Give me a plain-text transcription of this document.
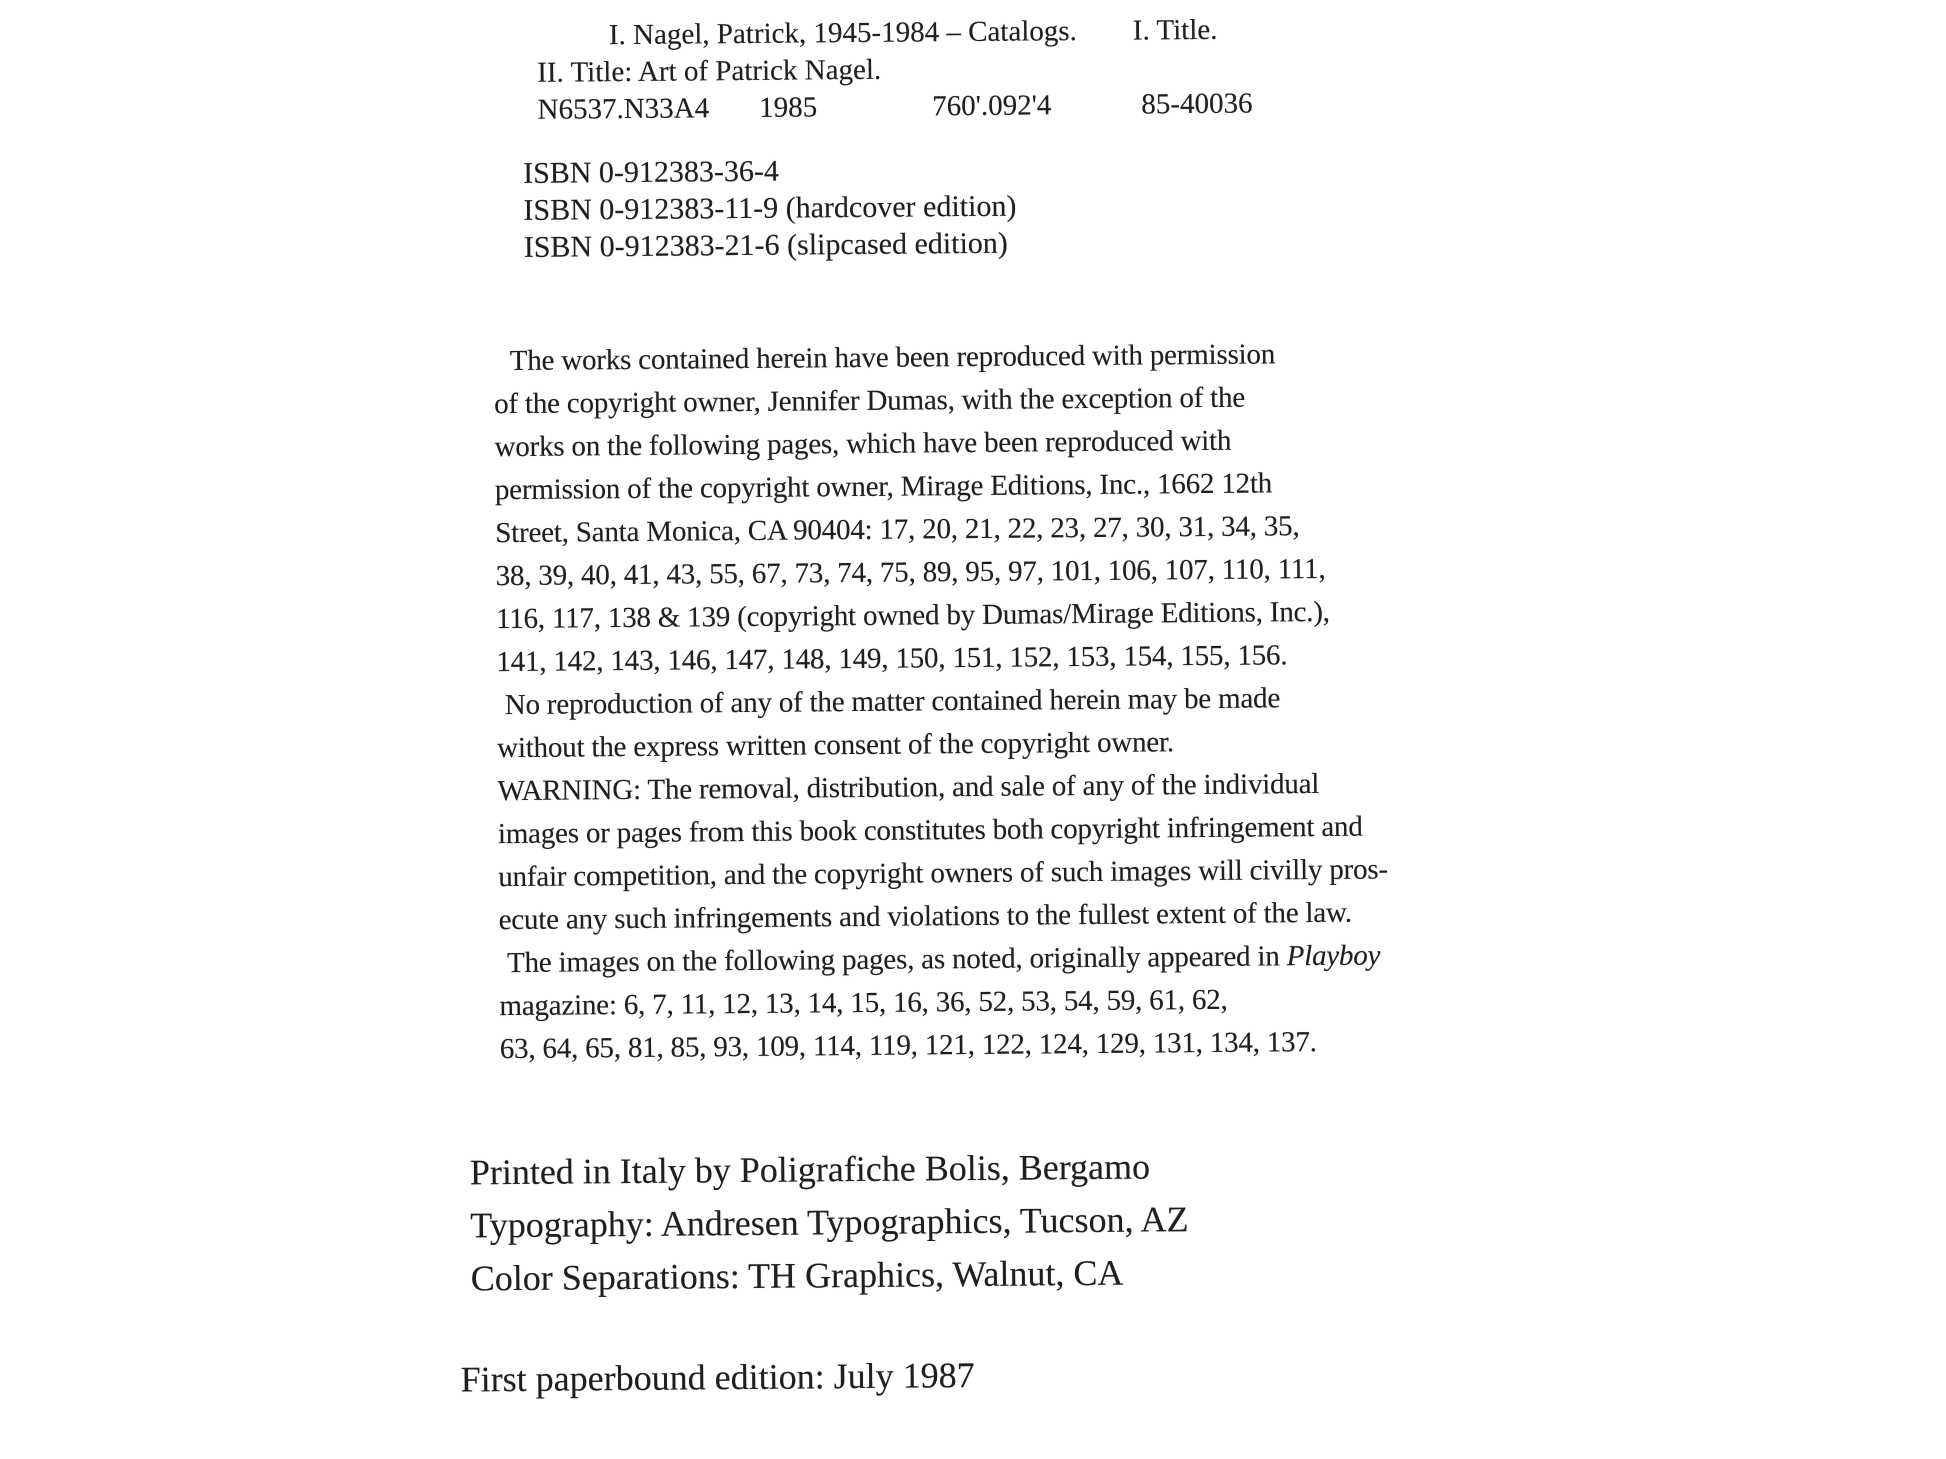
I. Nagel, Patrick, 1945-1984 – Catalogs. I. Title.
II. Title: Art of Patrick Nagel.
N6537.N33A4 1985	760'.092'4	85-40036
ISBN 0-912383-36-4
ISBN 0-912383-11-9 (hardcover edition)
ISBN 0-912383-21-6 (slipcased edition)
The works contained herein have been reproduced with permission
of the copyright owner, Jennifer Dumas, with the exception of the
works on the following pages, which have been reproduced with
permission of the copyright owner, Mirage Editions, Inc., 1662 12th
Street, Santa Monica, CA 90404: 17, 20, 21, 22, 23, 27, 30, 31, 34, 35,
38, 39, 40, 41, 43, 55, 67, 73, 74, 75, 89, 95, 97, 101, 106, 107, 110, 111,
116, 117, 138 & 139 (copyright owned by Dumas/Mirage Editions, Inc.),
141, 142, 143, 146, 147, 148, 149, 150, 151, 152, 153, 154, 155, 156.
No reproduction of any of the matter contained herein may be made
without the express written consent of the copyright owner.
WARNING: The removal, distribution, and sale of any of the individual
images or pages from this book constitutes both copyright infringement and
unfair competition, and the copyright owners of such images will civilly pros-
ecute any such infringements and violations to the fullest extent of the law.
The images on the following pages, as noted, originally appeared in Playboy
magazine: 6, 7, 11, 12, 13, 14, 15, 16, 36, 52, 53, 54, 59, 61, 62,
63, 64, 65, 81, 85, 93, 109, 114, 119, 121, 122, 124, 129, 131, 134, 137.
Printed in Italy by Poligrafiche Bolis, Bergamo
Typography: Andresen Typographics, Tucson, AZ
Color Separations: TH Graphics, Walnut, CA
First paperbound edition: July 1987
